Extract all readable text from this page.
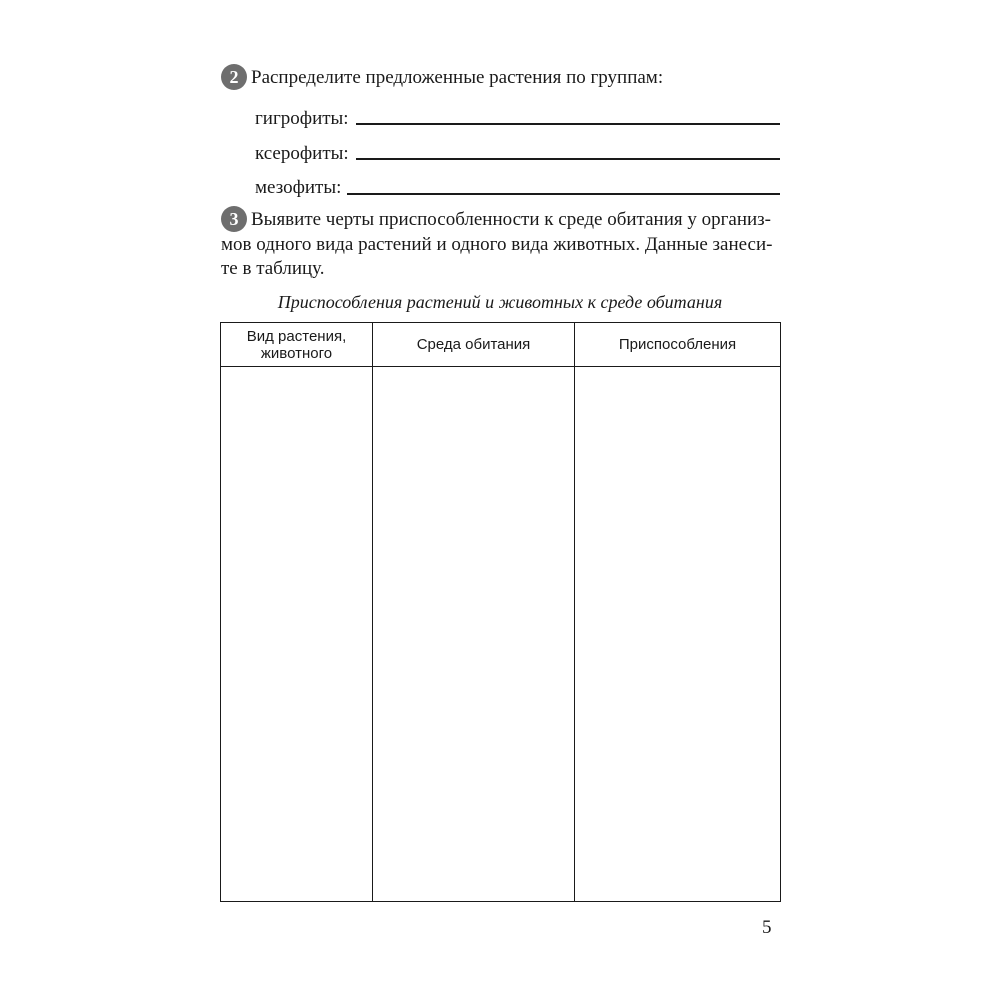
2 Распределите предложенные растения по группам:
гигрофиты:
ксерофиты:
мезофиты:
3 Выявите черты приспособленности к среде обитания у организ-
мов одного вида растений и одного вида животных. Данные занеси-
те в таблицу.
Приспособления растений и животных к среде обитания
Вид растения, животного	Среда обитания	Приспособления

5
